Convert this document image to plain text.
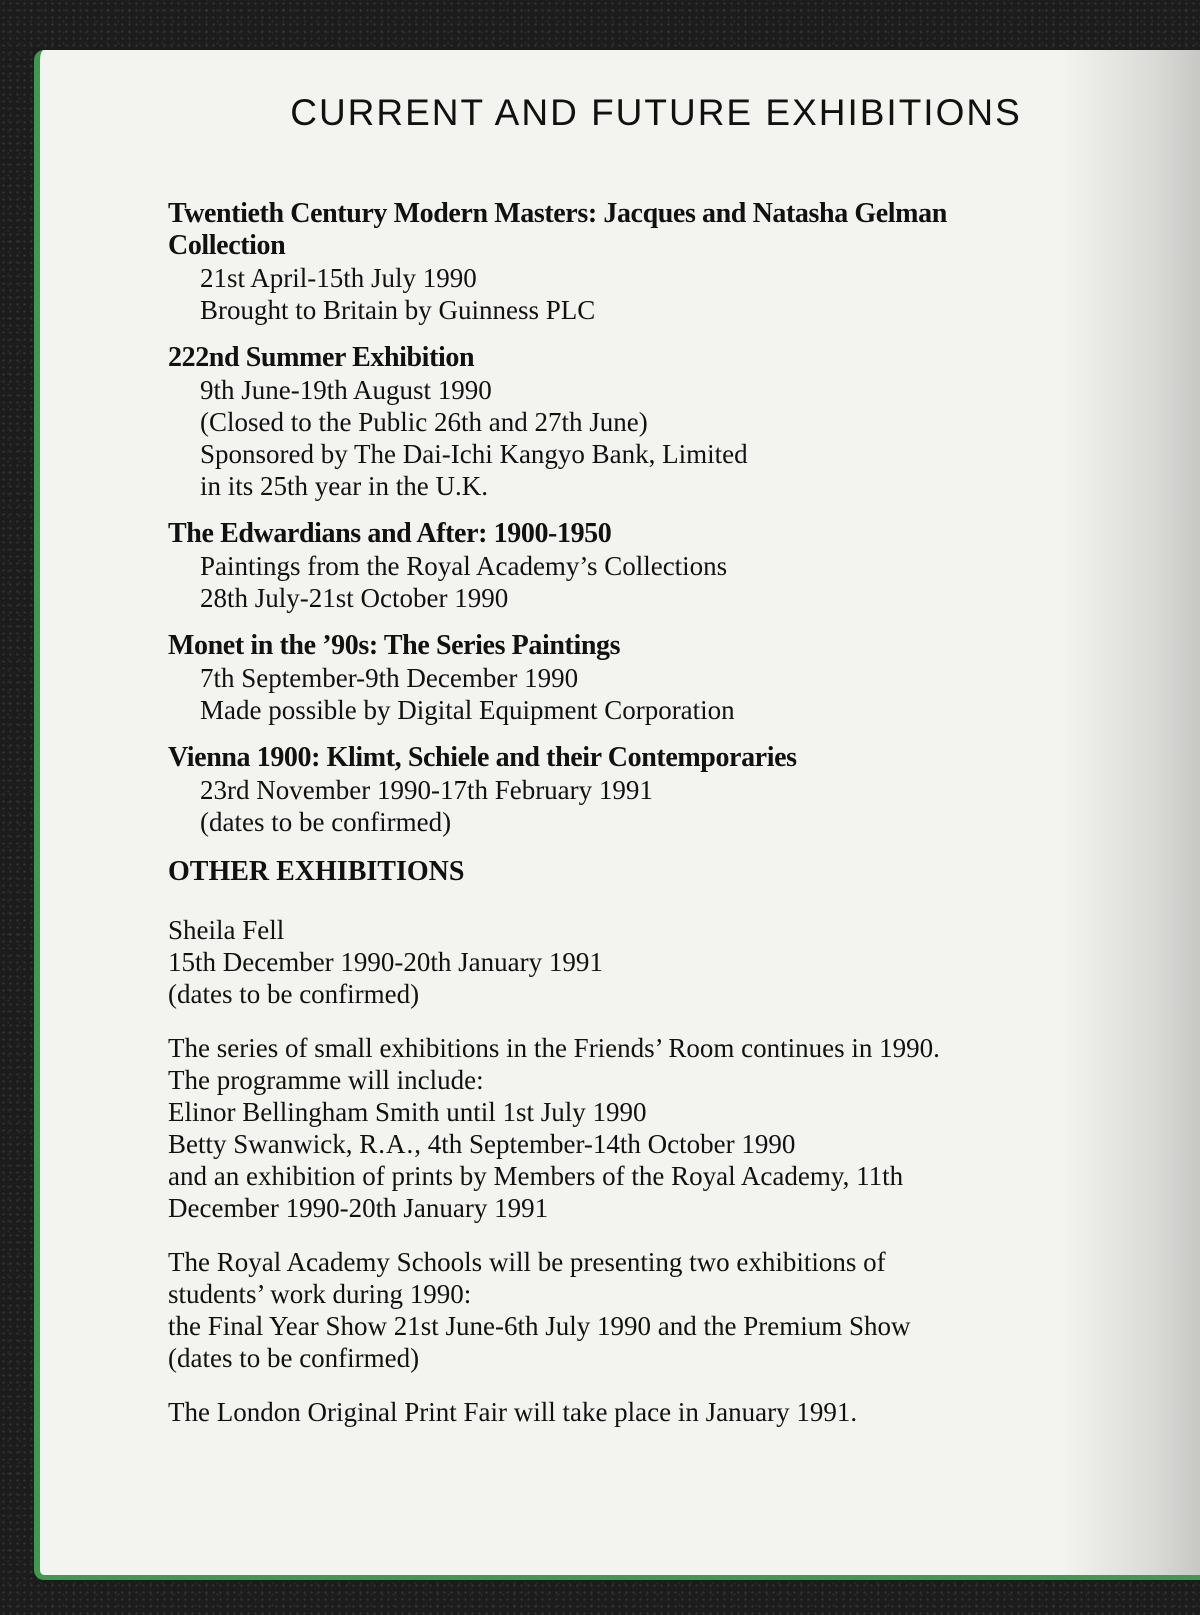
CURRENT AND FUTURE EXHIBITIONS
Twentieth Century Modern Masters: Jacques and Natasha Gelman
Collection
21st April-15th July 1990
Brought to Britain by Guinness PLC
222nd Summer Exhibition
9th June-19th August 1990
(Closed to the Public 26th and 27th June)
Sponsored by The Dai-Ichi Kangyo Bank, Limited
in its 25th year in the U.K.
The Edwardians and After: 1900-1950
Paintings from the Royal Academy’s Collections
28th July-21st October 1990
Monet in the ’90s: The Series Paintings
7th September-9th December 1990
Made possible by Digital Equipment Corporation
Vienna 1900: Klimt, Schiele and their Contemporaries
23rd November 1990-17th February 1991
(dates to be confirmed)
OTHER EXHIBITIONS
Sheila Fell
15th December 1990-20th January 1991
(dates to be confirmed)
The series of small exhibitions in the Friends’ Room continues in 1990.
The programme will include:
Elinor Bellingham Smith until 1st July 1990
Betty Swanwick, R.A., 4th September-14th October 1990
and an exhibition of prints by Members of the Royal Academy, 11th
December 1990-20th January 1991
The Royal Academy Schools will be presenting two exhibitions of
students’ work during 1990:
the Final Year Show 21st June-6th July 1990 and the Premium Show
(dates to be confirmed)
The London Original Print Fair will take place in January 1991.
